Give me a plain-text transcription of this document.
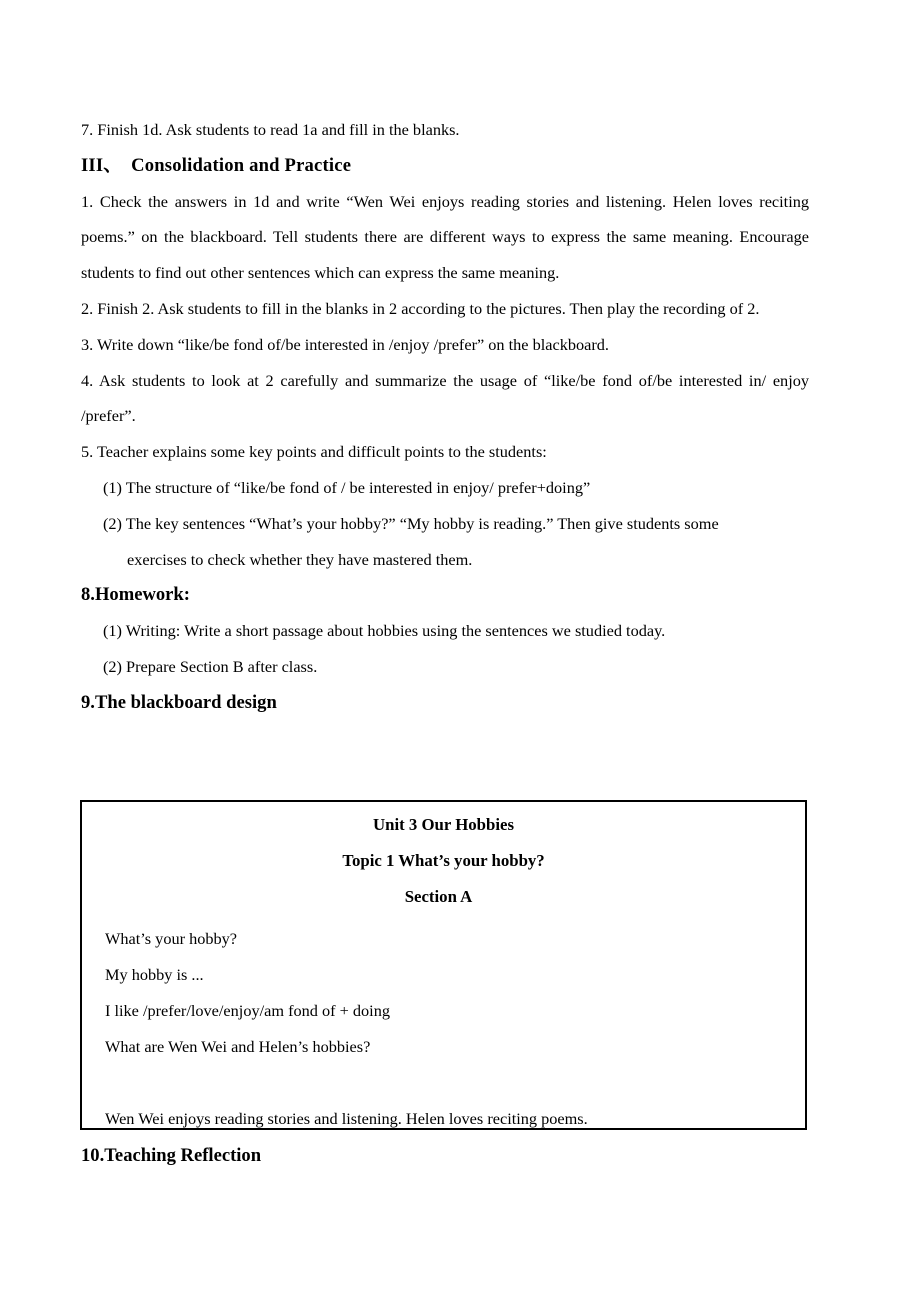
7. Finish 1d. Ask students to read 1a and fill in the blanks.

III、 Consolidation and Practice

1. Check the answers in 1d and write “Wen Wei enjoys reading stories and listening. Helen loves reciting poems.” on the blackboard. Tell students there are different ways to express the same meaning. Encourage students to find out other sentences which can express the same meaning.

2. Finish 2. Ask students to fill in the blanks in 2 according to the pictures. Then play the recording of 2.

3. Write down “like/be fond of/be interested in /enjoy /prefer” on the blackboard.

4. Ask students to look at 2 carefully and summarize the usage of “like/be fond of/be interested in/ enjoy /prefer”.

5. Teacher explains some key points and difficult points to the students:

(1) The structure of “like/be fond of / be interested in enjoy/ prefer+doing”

(2) The key sentences “What’s your hobby?” “My hobby is reading.” Then give students some

exercises to check whether they have mastered them.

8.Homework:

(1) Writing: Write a short passage about hobbies using the sentences we studied today.

(2) Prepare Section B after class.

9.The blackboard design

Unit 3 Our Hobbies

Topic 1 What’s your hobby?

Section A

What’s your hobby?

My hobby is ...

I like /prefer/love/enjoy/am fond of + doing

What are Wen Wei and Helen’s hobbies?

Wen Wei enjoys reading stories and listening. Helen loves reciting poems.

10.Teaching Reflection
